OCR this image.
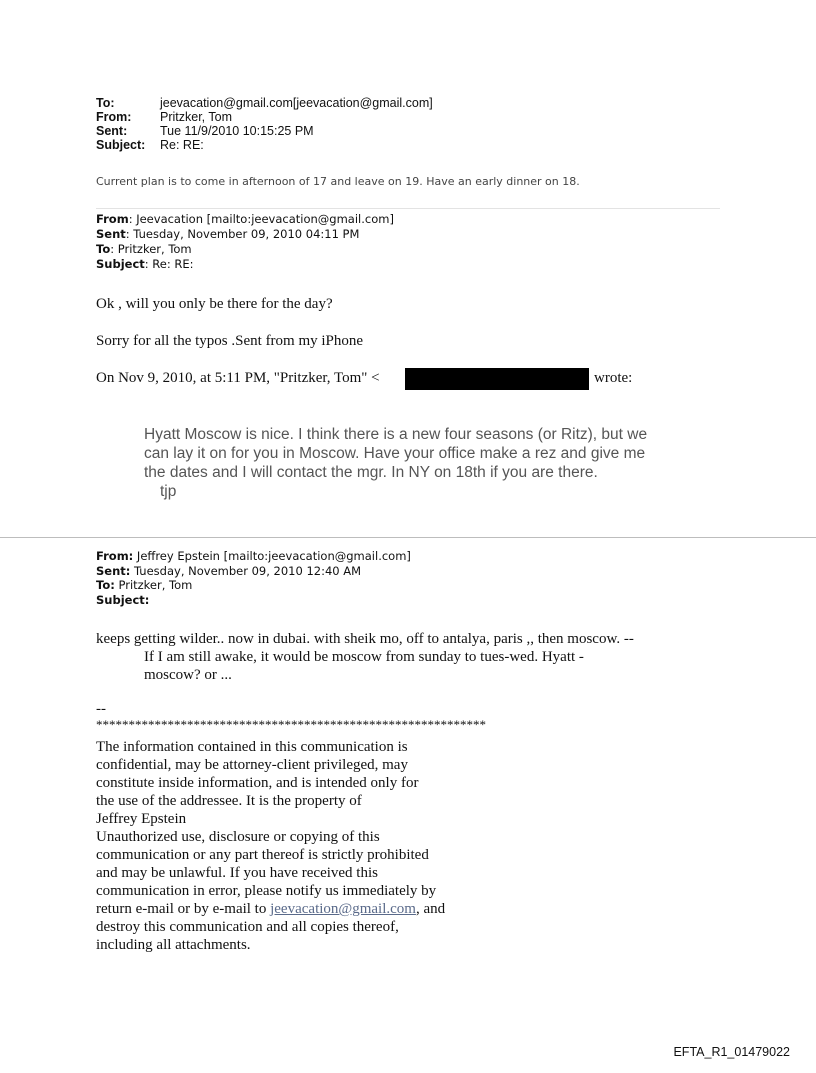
To:	jeevacation@gmail.com[jeevacation@gmail.com]
From:	Pritzker, Tom
Sent:	Tue 11/9/2010 10:15:25 PM
Subject:	Re: RE:
Current plan is to come in afternoon of 17 and leave on 19. Have an early dinner on 18.
From: Jeevacation [mailto:jeevacation@gmail.com]
Sent: Tuesday, November 09, 2010 04:11 PM
To: Pritzker, Tom
Subject: Re: RE:
Ok , will you only be there for the day?
Sorry for all the typos .Sent from my iPhone
On Nov 9, 2010, at 5:11 PM, "Pritzker, Tom" <	wrote:
Hyatt Moscow is nice. I think there is a new four seasons (or Ritz), but we
can lay it on for you in Moscow. Have your office make a rez and give me
the dates and I will contact the mgr. In NY on 18th if you are there.
tjp
From: Jeffrey Epstein [mailto:jeevacation@gmail.com]
Sent: Tuesday, November 09, 2010 12:40 AM
To: Pritzker, Tom
Subject:
keeps getting wilder.. now in dubai. with sheik mo, off to antalya, paris ,, then moscow. --
If I am still awake, it would be moscow from sunday to tues-wed. Hyatt -
moscow? or ...
--
************************************************************
The information contained in this communication is
confidential, may be attorney-client privileged, may
constitute inside information, and is intended only for
the use of the addressee. It is the property of
Jeffrey Epstein
Unauthorized use, disclosure or copying of this
communication or any part thereof is strictly prohibited
and may be unlawful. If you have received this
communication in error, please notify us immediately by
return e-mail or by e-mail to jeevacation@gmail.com, and
destroy this communication and all copies thereof,
including all attachments.
EFTA_R1_01479022
